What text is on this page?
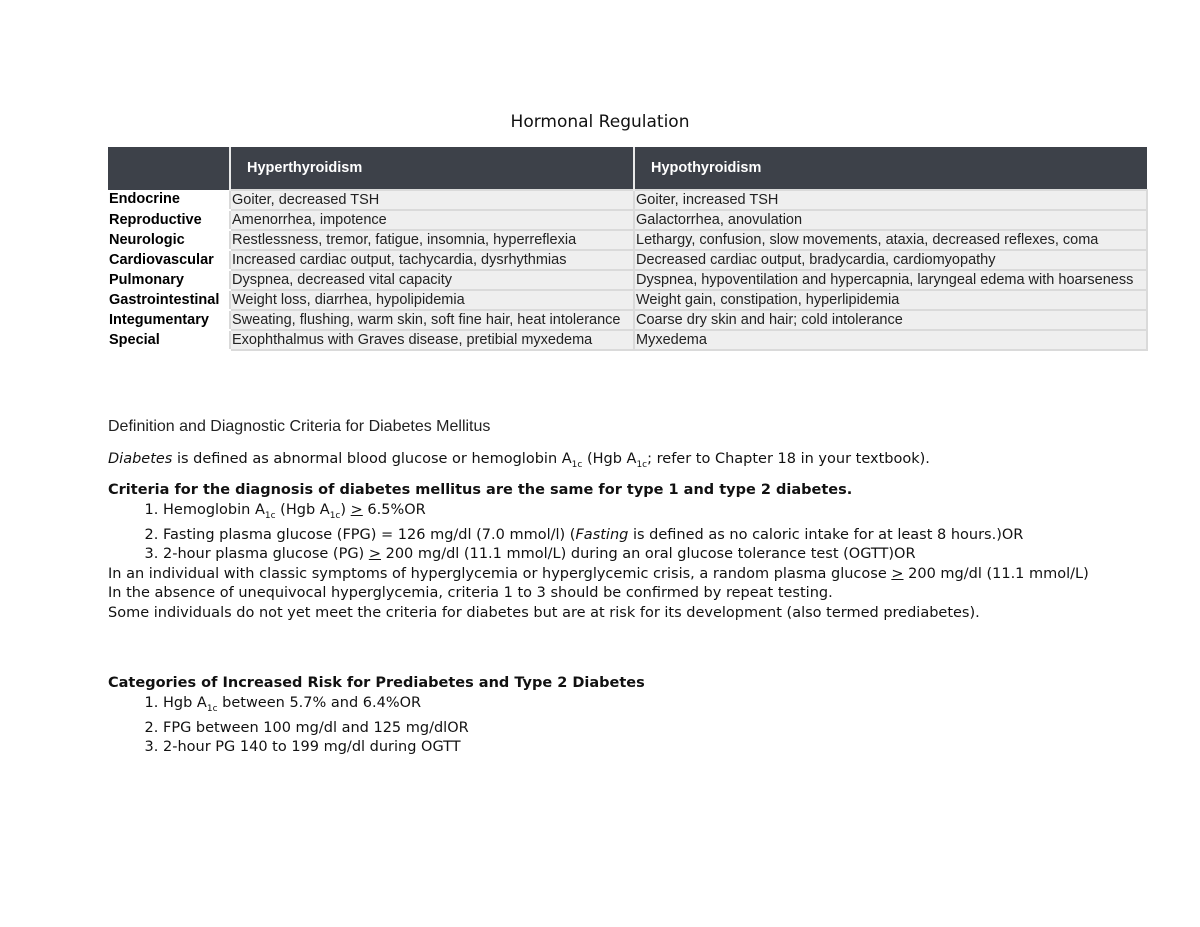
Hormonal Regulation
	Hyperthyroidism	Hypothyroidism
Endocrine	Goiter, decreased TSH	Goiter, increased TSH
Reproductive	Amenorrhea, impotence	Galactorrhea, anovulation
Neurologic	Restlessness, tremor, fatigue, insomnia, hyperreflexia	Lethargy, confusion, slow movements, ataxia, decreased reflexes, coma
Cardiovascular	Increased cardiac output, tachycardia, dysrhythmias	Decreased cardiac output, bradycardia, cardiomyopathy
Pulmonary	Dyspnea, decreased vital capacity	Dyspnea, hypoventilation and hypercapnia, laryngeal edema with hoarseness
Gastrointestinal	Weight loss, diarrhea, hypolipidemia	Weight gain, constipation, hyperlipidemia
Integumentary	Sweating, flushing, warm skin, soft fine hair, heat intolerance	Coarse dry skin and hair; cold intolerance
Special	Exophthalmus with Graves disease, pretibial myxedema	Myxedema
Definition and Diagnostic Criteria for Diabetes Mellitus
Diabetes is defined as abnormal blood glucose or hemoglobin $A_{1c}$ (Hgb $A_{1c}$; refer to Chapter 18 in your textbook).
Criteria for the diagnosis of diabetes mellitus are the same for type 1 and type 2 diabetes.
1. Hemoglobin $A_{1c}$ (Hgb $A_{1c}) \ge 6.5\%OR$
2. Fasting plasma glucose (FPG) = 126 mg/dl (7.0 mmol/l) (Fasting is defined as no caloric intake for at least 8 hours.)OR
3. 2-hour plasma glucose (PG) ≥ 200 mg/dl (11.1 mmol/L) during an oral glucose tolerance test (OGTT)OR
In an individual with classic symptoms of hyperglycemia or hyperglycemic crisis, a random plasma glucose ≥ 200 mg/dl (11.1 mmol/L)
In the absence of unequivocal hyperglycemia, criteria 1 to 3 should be confirmed by repeat testing.
Some individuals do not yet meet the criteria for diabetes but are at risk for its development (also termed prediabetes).
Categories of Increased Risk for Prediabetes and Type 2 Diabetes
1. Hgb $A_{1c}$ between 5.7% and 6.4%OR
2. FPG between 100 mg/dl and 125 mg/dlOR
3. 2-hour PG 140 to 199 mg/dl during OGTT
